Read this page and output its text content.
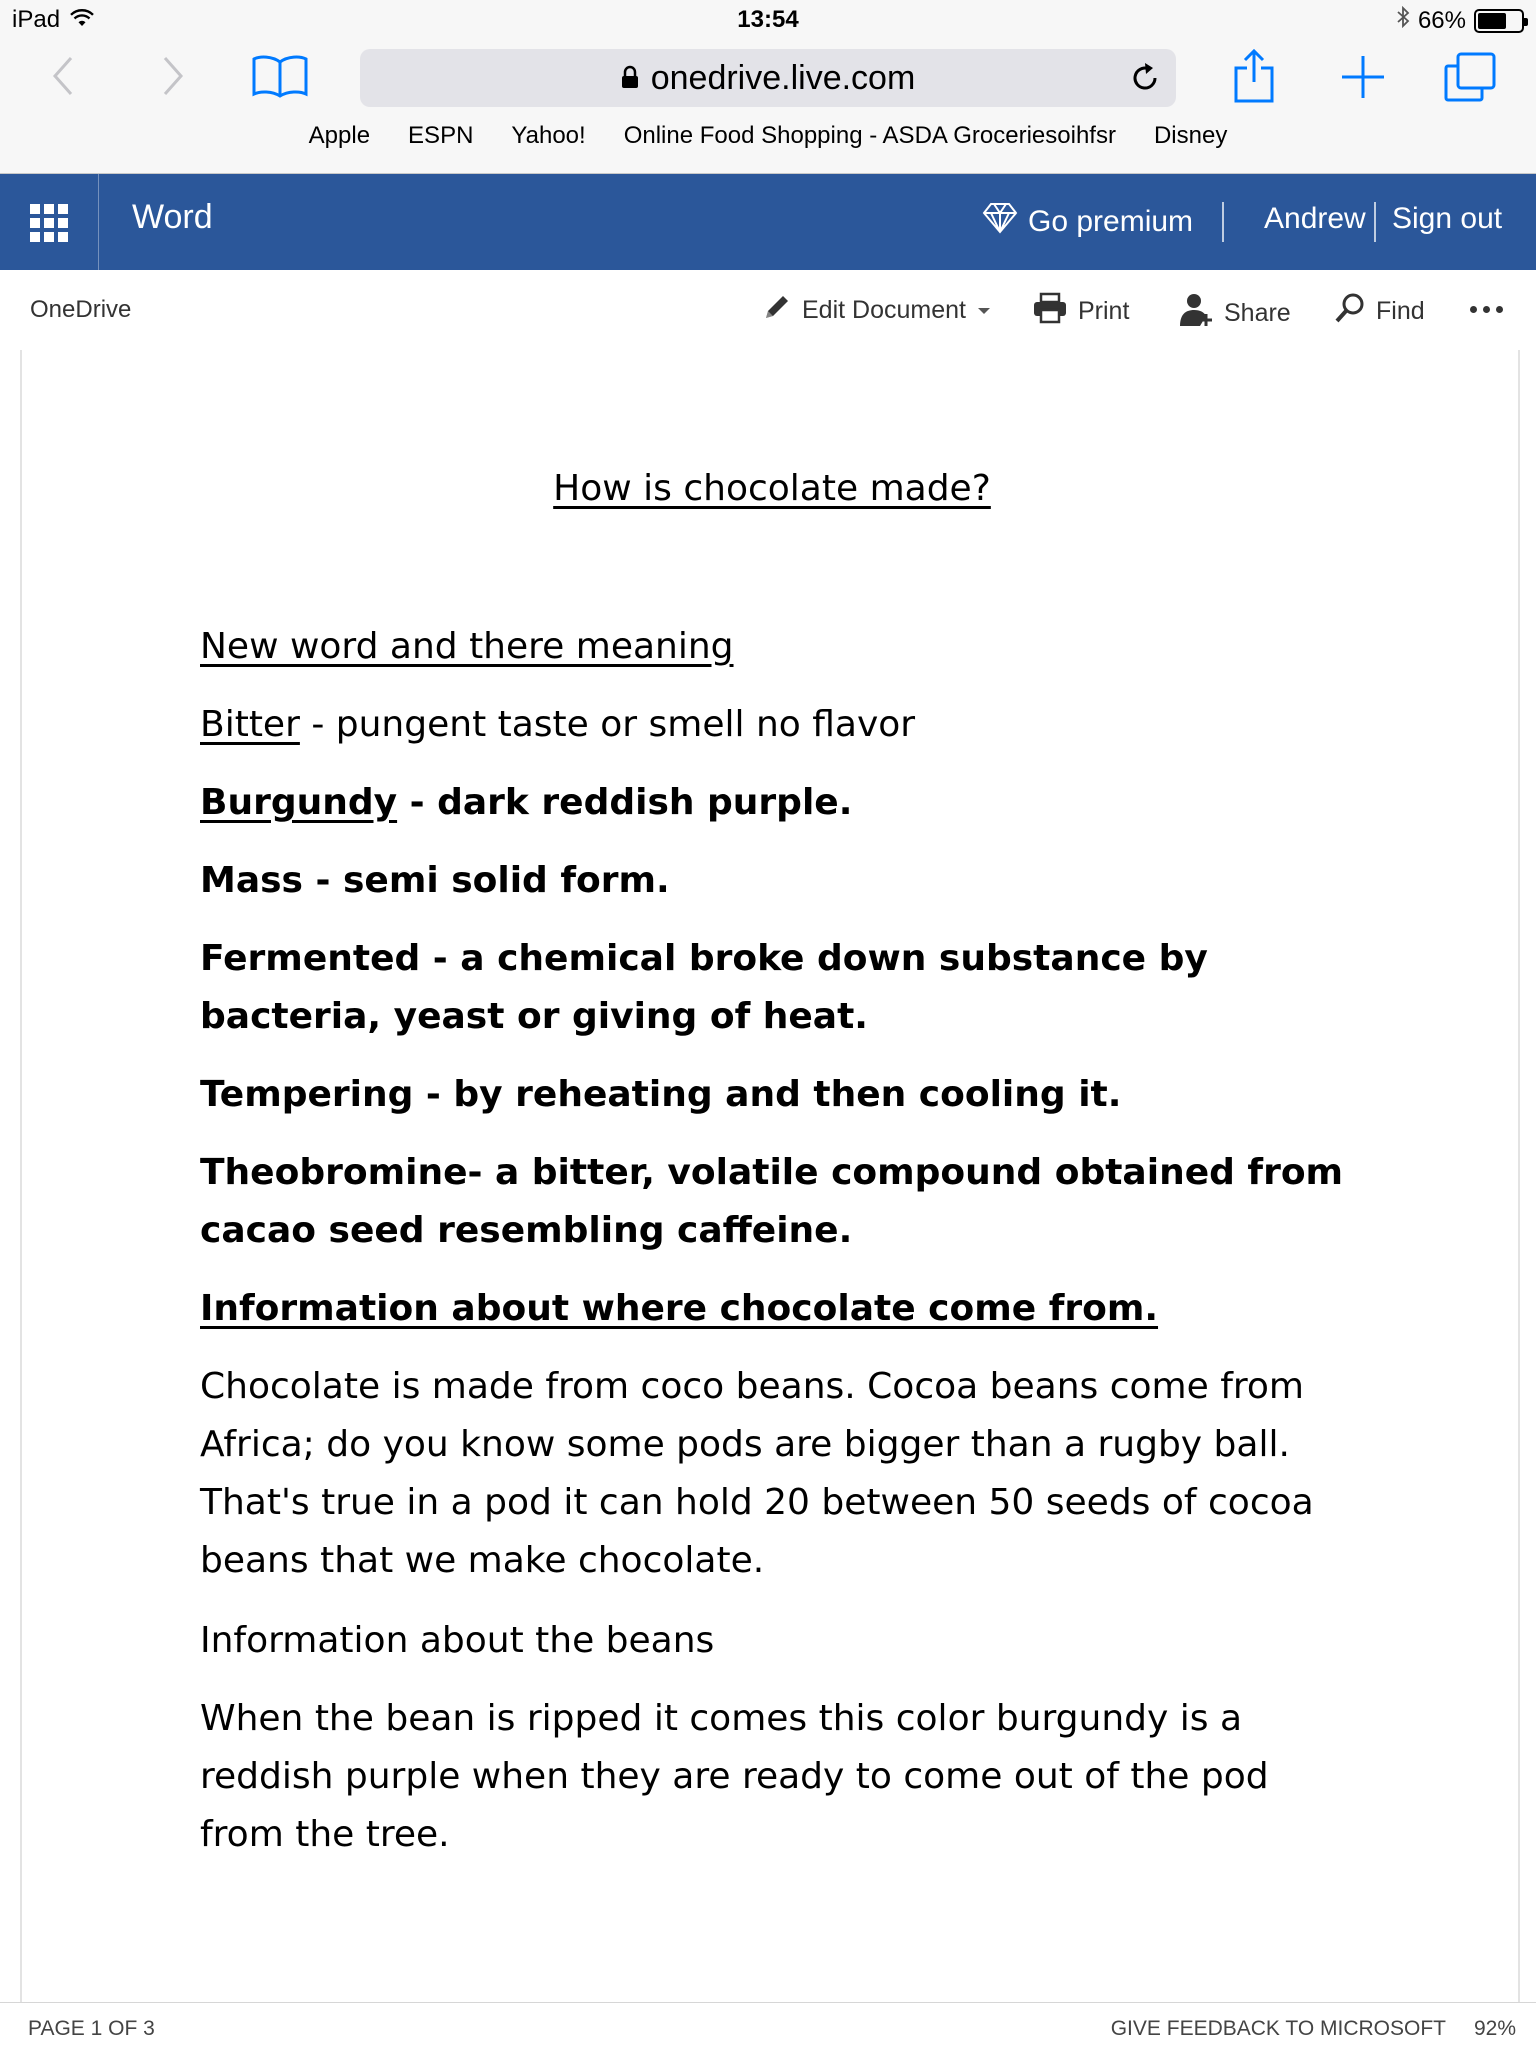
iPad	13:54	66%
onedrive.live.com
Apple ESPN Yahoo! Online Food Shopping - ASDA Groceriesoihfsr Disney
Word	Go premium Andrew Sign out
OneDrive	Edit Document	Print	Share	Find
How is chocolate made?
New word and there meaning
Bitter - pungent taste or smell no flavor
Burgundy - dark reddish purple.
Mass - semi solid form.
Fermented - a chemical broke down substance by bacteria, yeast or giving of heat.
Tempering - by reheating and then cooling it.
Theobromine- a bitter, volatile compound obtained from cacao seed resembling caffeine.
Information about where chocolate come from.
Chocolate is made from coco beans. Cocoa beans come from Africa; do you know some pods are bigger than a rugby ball. That's true in a pod it can hold 20 between 50 seeds of cocoa beans that we make chocolate.
Information about the beans
When the bean is ripped it comes this color burgundy is a reddish purple when they are ready to come out of the pod from the tree.
PAGE 1 OF 3	GIVE FEEDBACK TO MICROSOFT 92%
